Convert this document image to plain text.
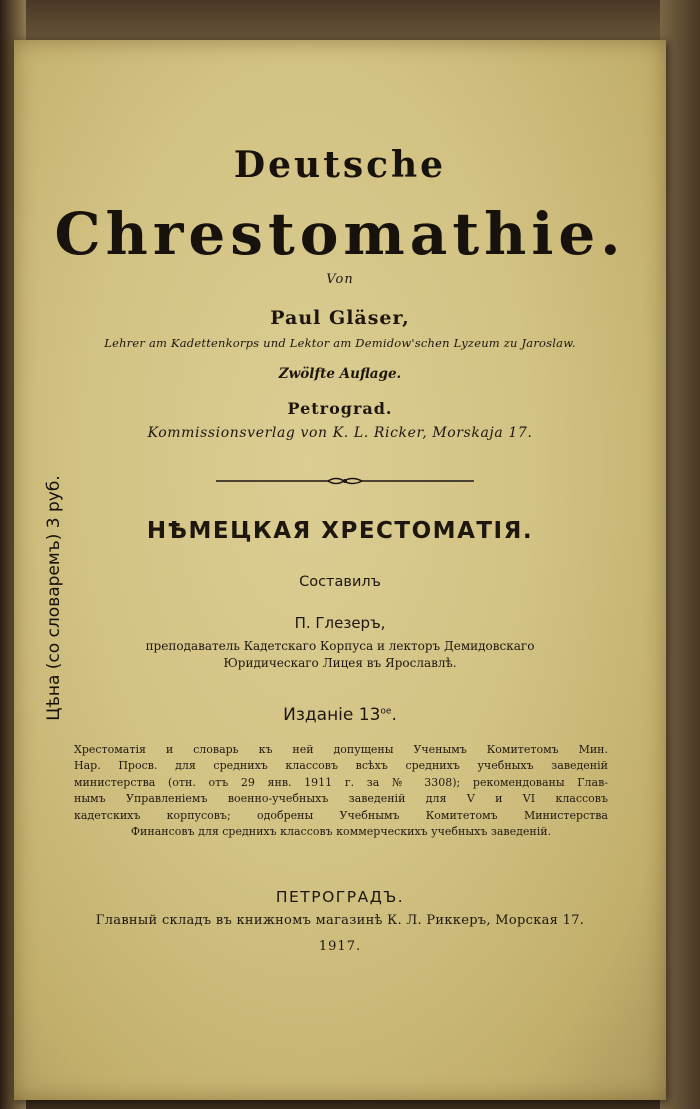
Deutsche
Chrestomathie.
Von
Paul Gläser,
Lehrer am Kadettenkorps und Lektor am Demidow'schen Lyzeum zu Jaroslaw.
Zwölfte Auflage.
Petrograd.
Kommissionsverlag von K. L. Ricker, Morskaja 17.
НѢМЕЦКАЯ ХРЕСТОМАТІЯ.
Составилъ
П. Глезеръ,
преподаватель Кадетскаго Корпуса и лекторъ Демидовскаго
Юридическаго Лицея въ Ярославлѣ.
Изданіе $13^{ое}$.
Хрестоматія и словарь къ ней допущены Ученымъ Комитетомъ Мин.
Нар. Просв. для среднихъ классовъ всѣхъ среднихъ учебныхъ заведеній
министерства (отн. отъ 29 янв. 1911 г. за № 3308); рекомендованы Глав-
нымъ Управленіемъ военно-учебныхъ заведеній для V и VI классовъ
кадетскихъ корпусовъ; одобрены Учебнымъ Комитетомъ Министерства
Финансовъ для среднихъ классовъ коммерческихъ учебныхъ заведеній.
ПЕТРОГРАДЪ.
Главный складъ въ книжномъ магазинѣ К. Л. Риккеръ, Морская 17.
1917.
Цѣна (со словаремъ) 3 руб.
